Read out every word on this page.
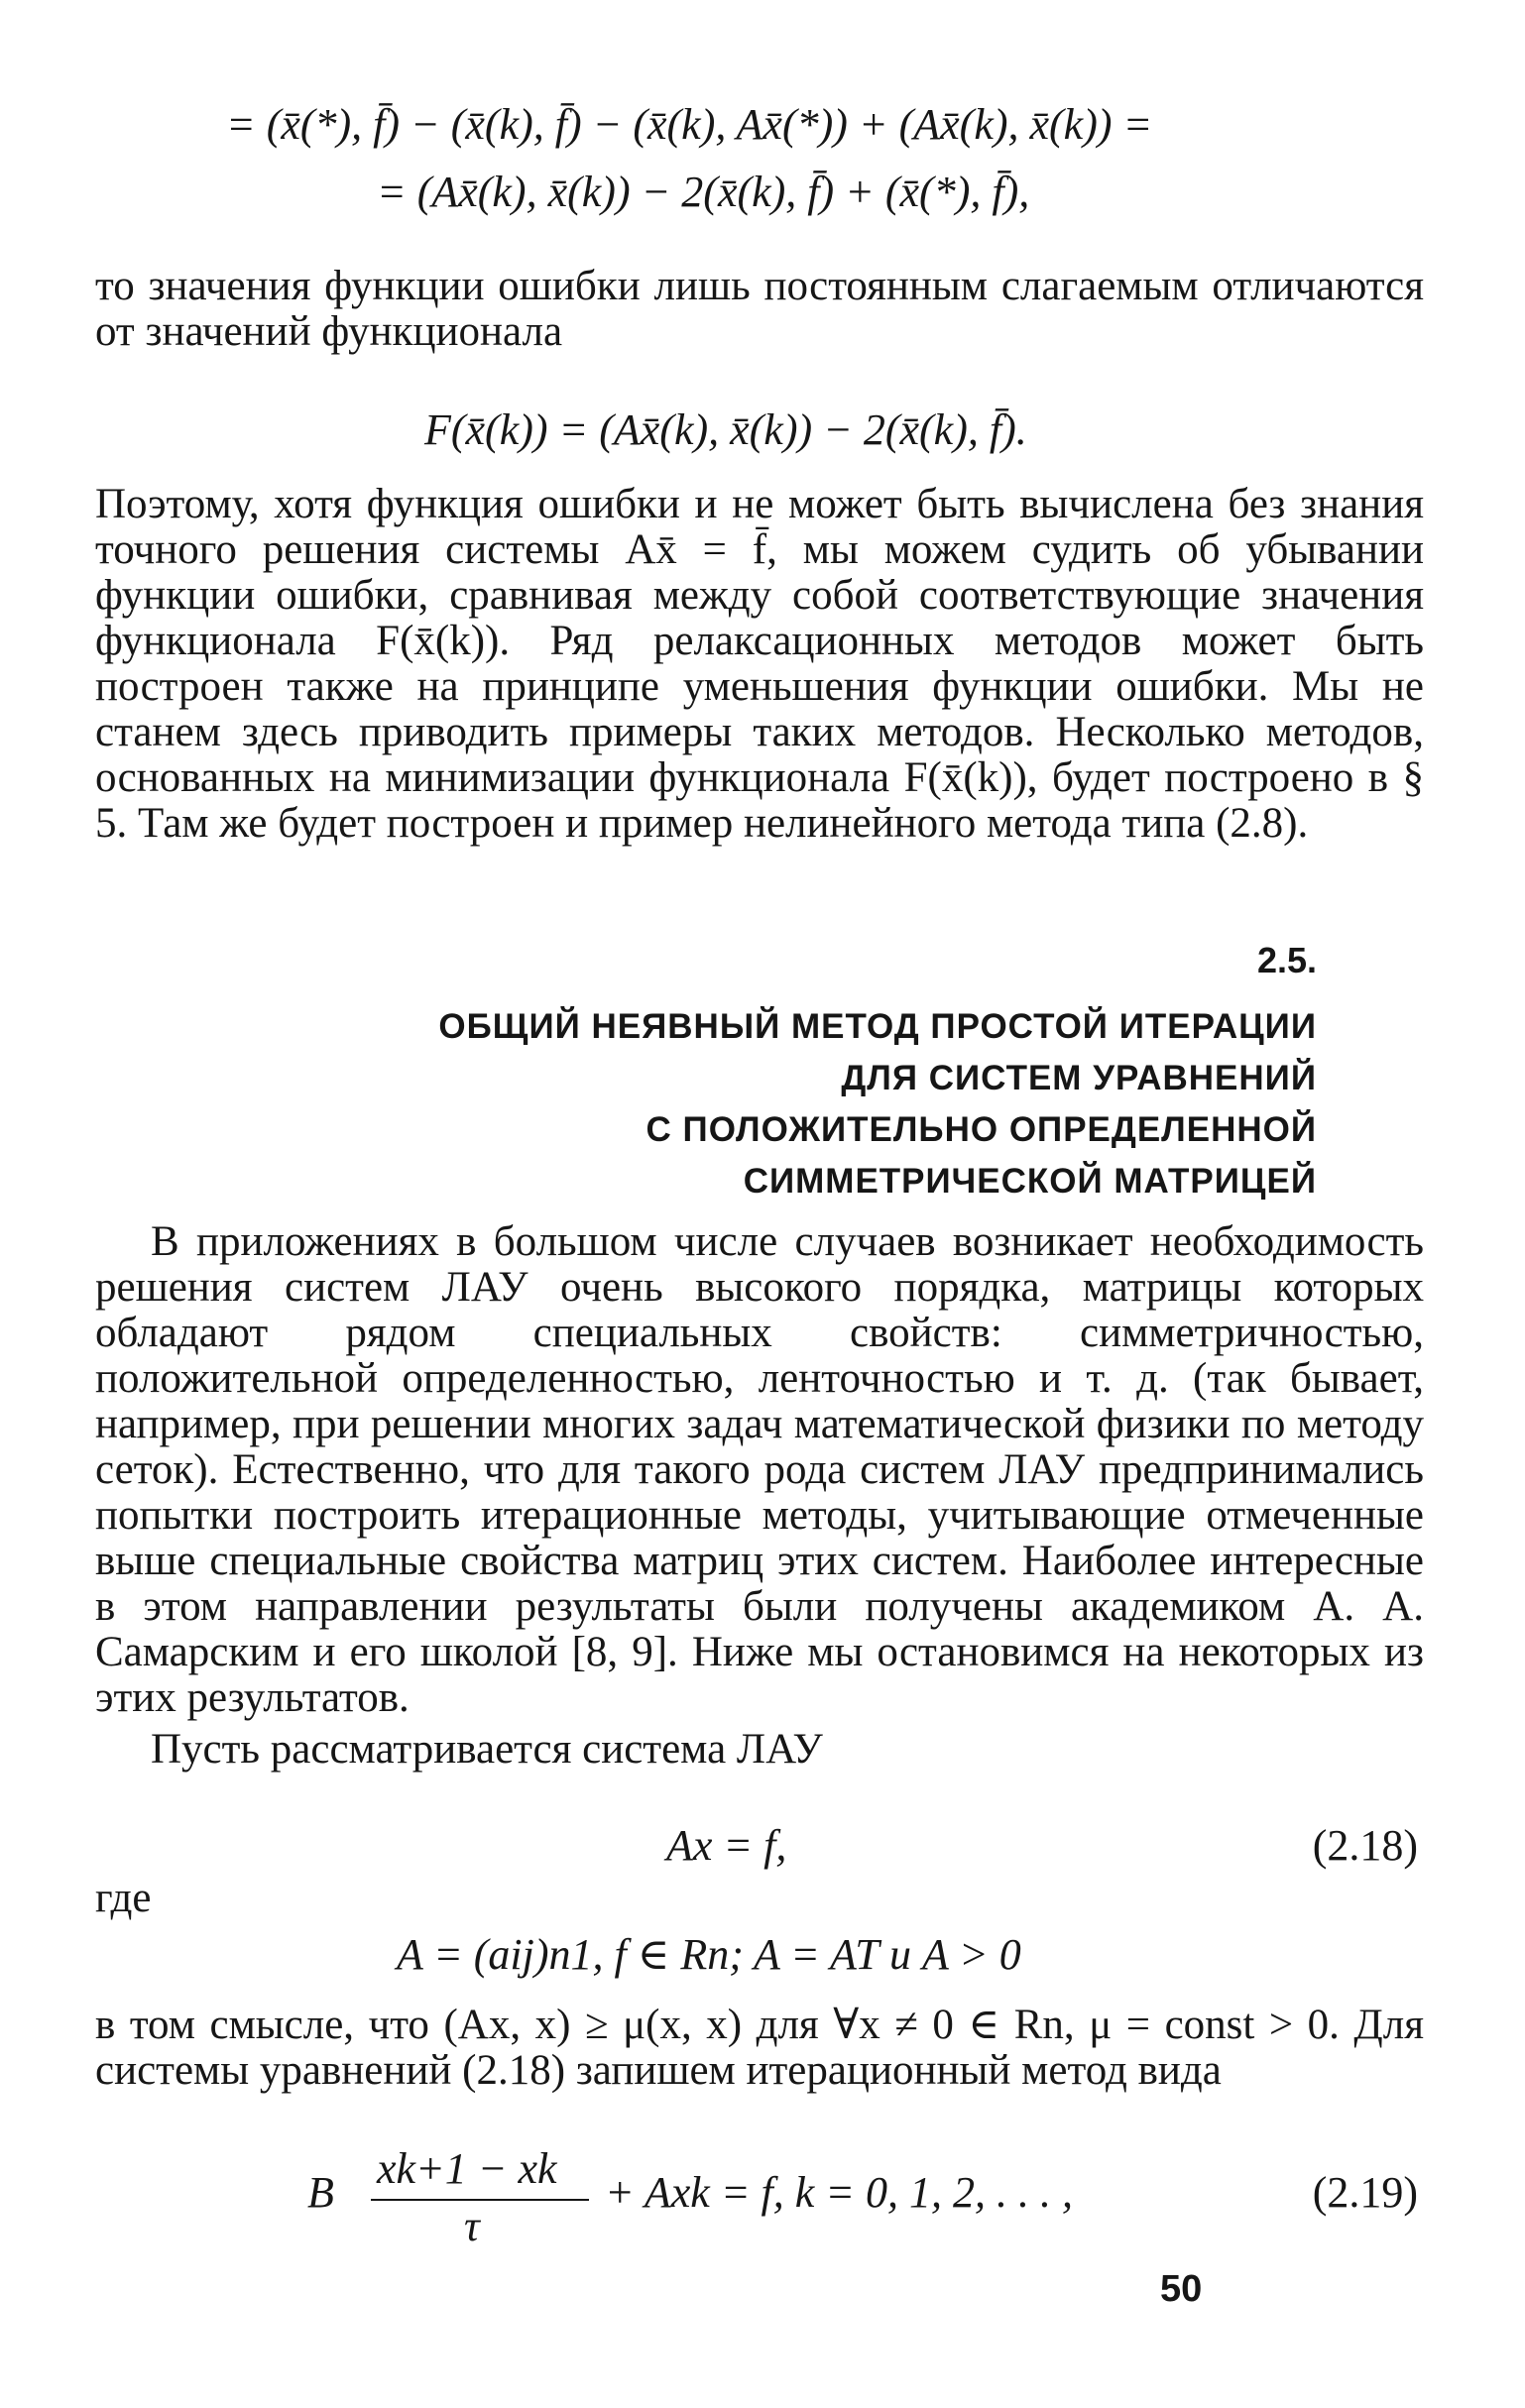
= (x̄(*), f̄) − (x̄(k), f̄) − (x̄(k), Ax̄(*)) + (Ax̄(k), x̄(k)) =
= (Ax̄(k), x̄(k)) − 2(x̄(k), f̄) + (x̄(*), f̄),

то значения функции ошибки лишь постоянным слагаемым отличаются от значений функционала

F(x̄(k)) = (Ax̄(k), x̄(k)) − 2(x̄(k), f̄).

Поэтому, хотя функция ошибки и не может быть вычислена без знания точного решения системы Ax̄ = f̄, мы можем судить об убывании функции ошибки, сравнивая между собой соответствующие значения функционала F(x̄(k)). Ряд релаксационных методов может быть построен также на принципе уменьшения функции ошибки. Мы не станем здесь приводить примеры таких методов. Несколько методов, основанных на минимизации функционала F(x̄(k)), будет построено в § 5. Там же будет построен и пример нелинейного метода типа (2.8).

2.5.
ОБЩИЙ НЕЯВНЫЙ МЕТОД ПРОСТОЙ ИТЕРАЦИИ
ДЛЯ СИСТЕМ УРАВНЕНИЙ
С ПОЛОЖИТЕЛЬНО ОПРЕДЕЛЕННОЙ
СИММЕТРИЧЕСКОЙ МАТРИЦЕЙ

В приложениях в большом числе случаев возникает необходимость решения систем ЛАУ очень высокого порядка, матрицы которых обладают рядом специальных свойств: симметричностью, положительной определенностью, ленточностью и т. д. (так бывает, например, при решении многих задач математической физики по методу сеток). Естественно, что для такого рода систем ЛАУ предпринимались попытки построить итерационные методы, учитывающие отмеченные выше специальные свойства матриц этих систем. Наиболее интересные в этом направлении результаты были получены академиком А. А. Самарским и его школой [8, 9]. Ниже мы остановимся на некоторых из этих результатов.

Пусть рассматривается система ЛАУ

Ax = f,	(2.18)
где
A = (aij)n1, f ∈ Rn; A = AT и A > 0

в том смысле, что (Ax, x) ≥ μ(x, x) для ∀x ≠ 0 ∈ Rn, μ = const > 0. Для системы уравнений (2.18) запишем итерационный метод вида

B xk+1 − xk
τ
+ Axk = f, k = 0, 1, 2, . . . ,	(2.19)
50
